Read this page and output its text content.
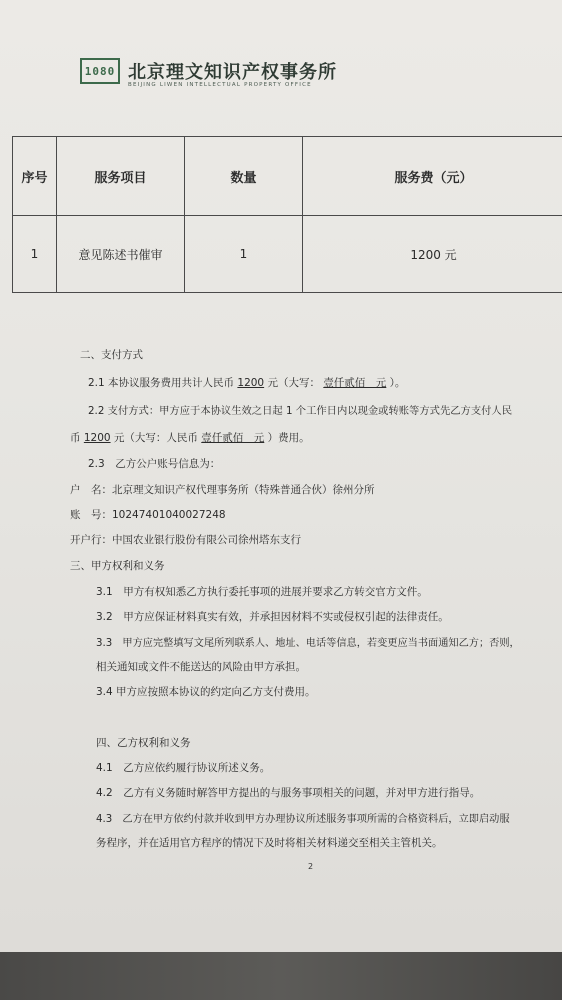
1080 北京理文知识产权事务所
BEIJING LIWEN INTELLECTUAL PROPERTY OFFICE
序号	服务项目	数量	服务费（元）
1	意见陈述书催审	1	1200 元
二、支付方式
2.1 本协议服务费用共计人民币 1200 元（大写： 壹仟贰佰　元 ）。
2.2 支付方式：甲方应于本协议生效之日起 1 个工作日内以现金或转账等方式先乙方支付人民
币 1200 元（大写：人民币 壹仟贰佰　元 ）费用。
2.3　乙方公户账号信息为：
户　名：北京理文知识产权代理事务所（特殊普通合伙）徐州分所
账　号：10247401040027248
开户行：中国农业银行股份有限公司徐州塔东支行
三、甲方权利和义务
3.1　甲方有权知悉乙方执行委托事项的进展并要求乙方转交官方文件。
3.2　甲方应保证材料真实有效，并承担因材料不实或侵权引起的法律责任。
3.3　甲方应完整填写文尾所列联系人、地址、电话等信息，若变更应当书面通知乙方；否则，
相关通知或文件不能送达的风险由甲方承担。
3.4 甲方应按照本协议的约定向乙方支付费用。
四、乙方权利和义务
4.1　乙方应依约履行协议所述义务。
4.2　乙方有义务随时解答甲方提出的与服务事项相关的问题，并对甲方进行指导。
4.3　乙方在甲方依约付款并收到甲方办理协议所述服务事项所需的合格资料后，立即启动服
务程序，并在适用官方程序的情况下及时将相关材料递交至相关主管机关。
2
